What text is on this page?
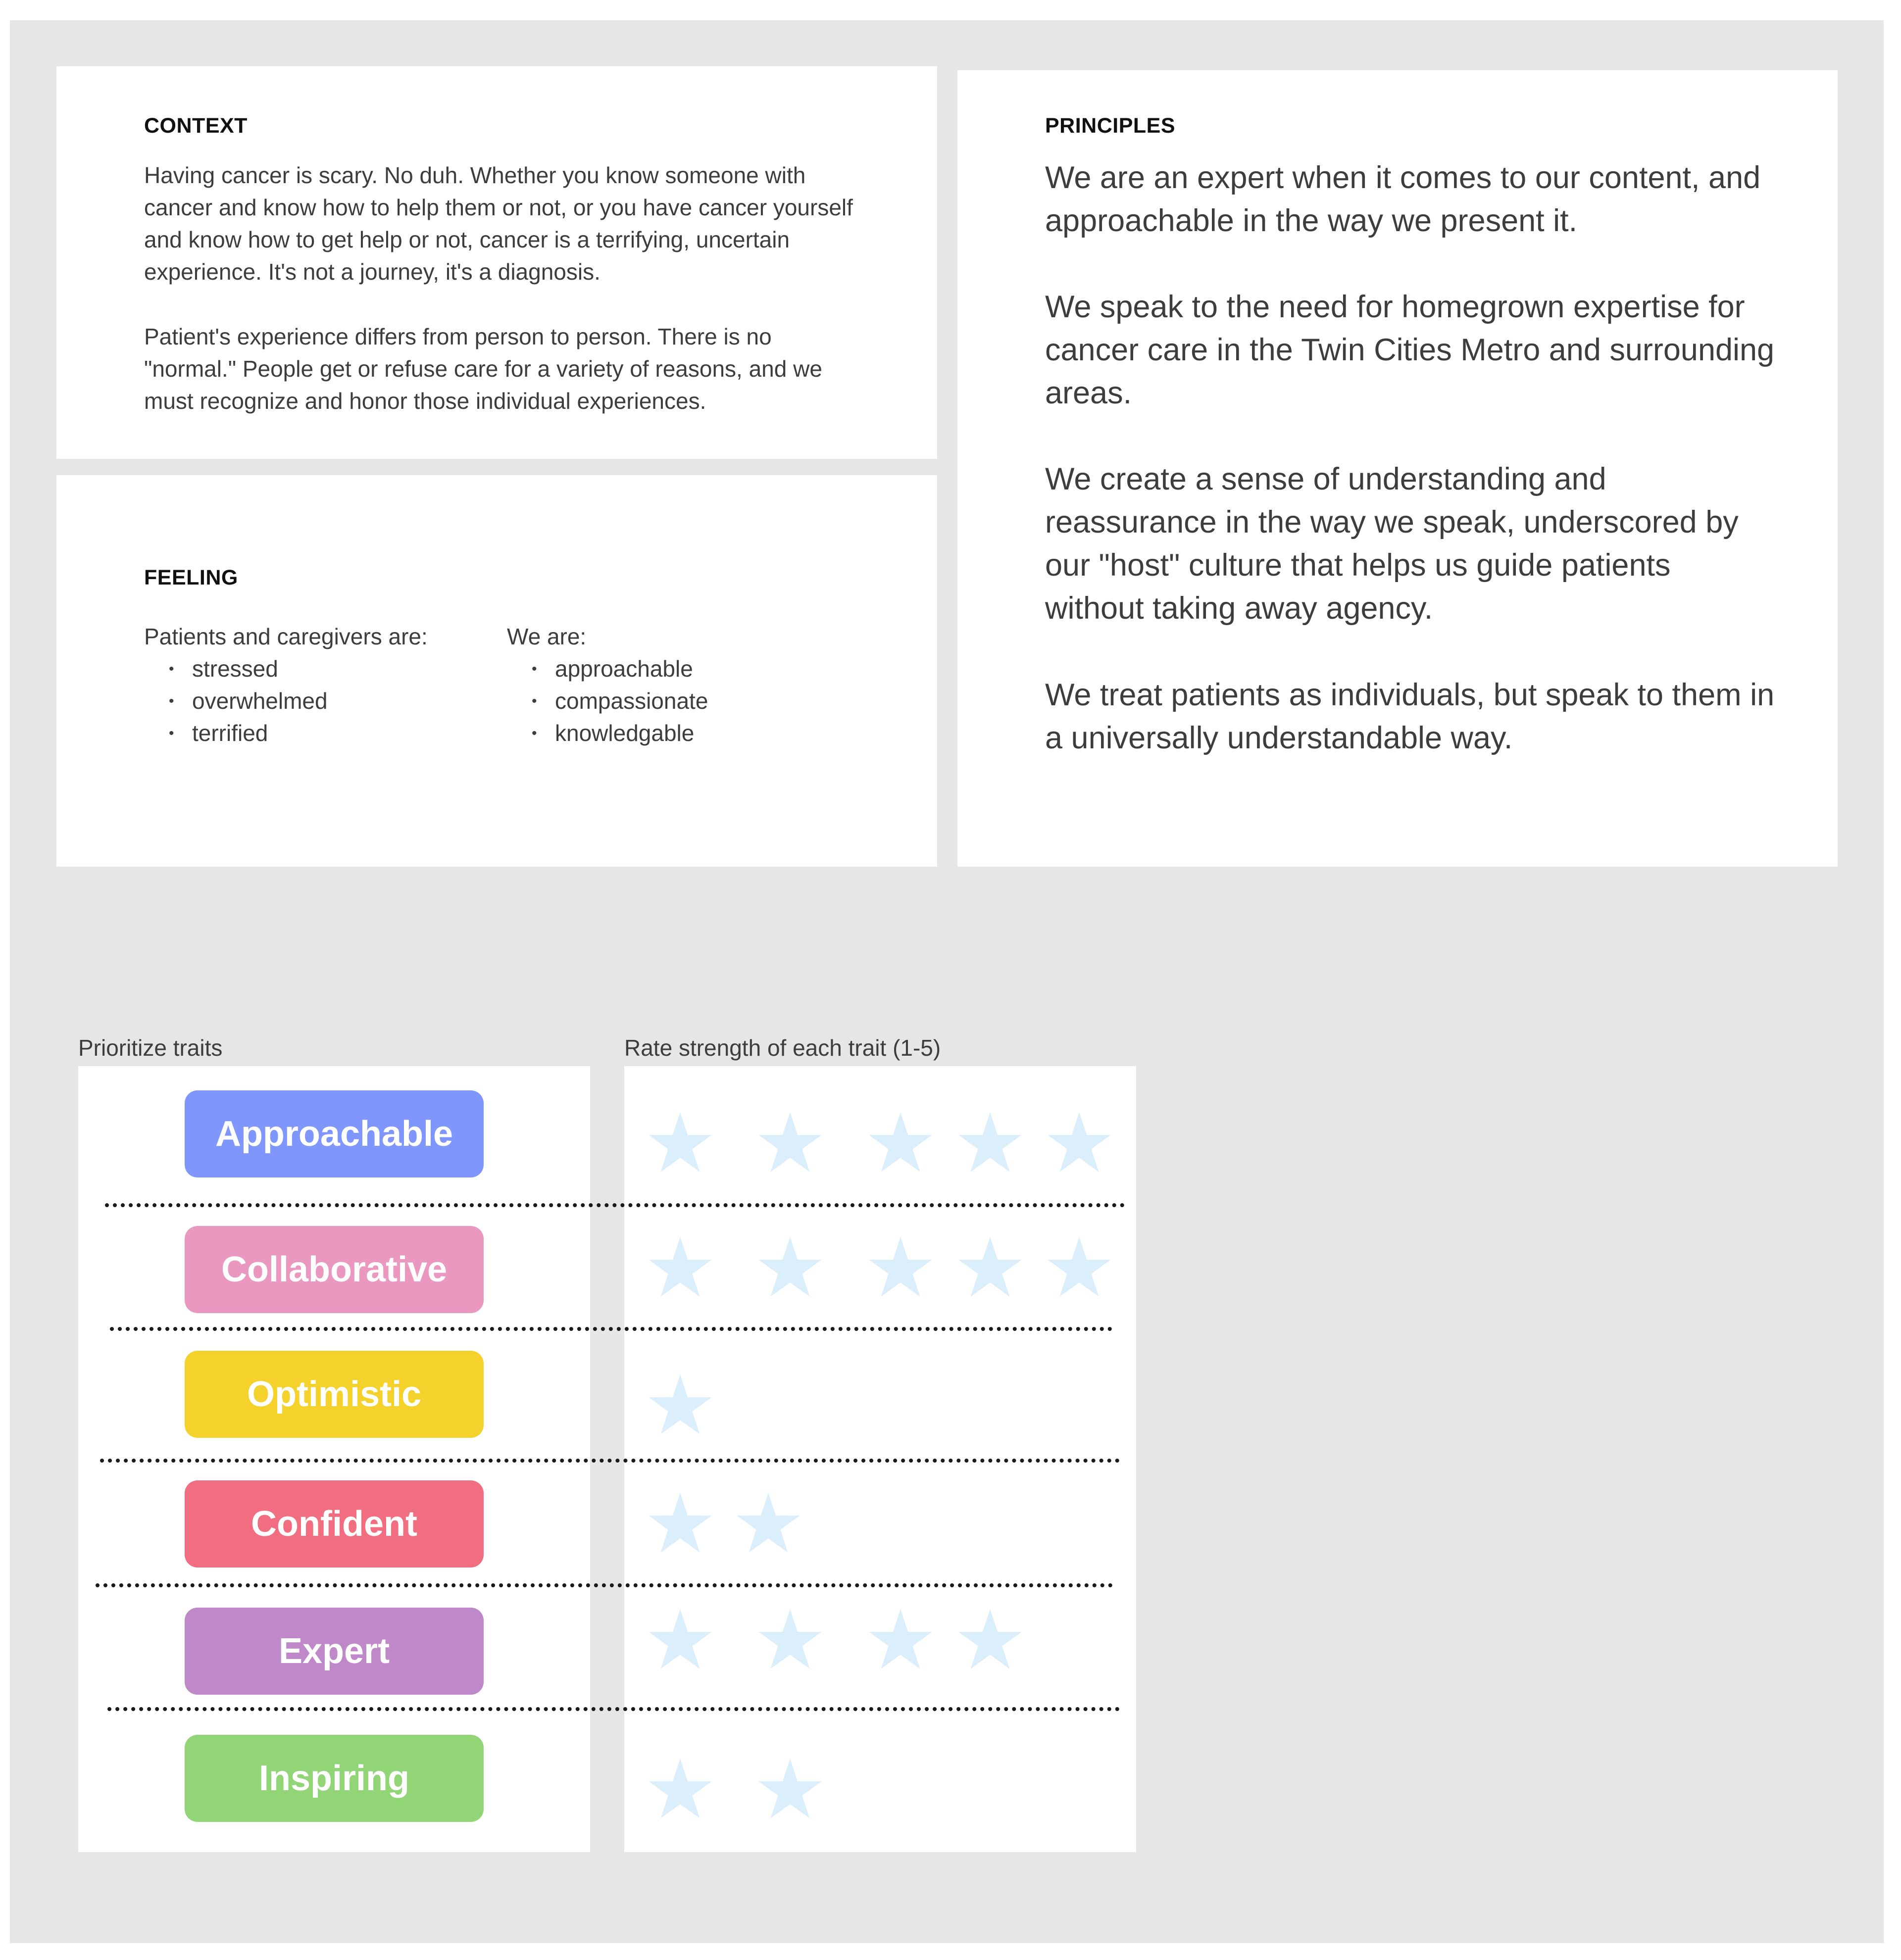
CONTEXT

Having cancer is scary. No duh. Whether you know someone with cancer and know how to help them or not, or you have cancer yourself and know how to get help or not, cancer is a terrifying, uncertain experience. It's not a journey, it's a diagnosis.

Patient's experience differs from person to person. There is no "normal." People get or refuse care for a variety of reasons, and we must recognize and honor those individual experiences.

FEELING
Patients and caregivers are:
• stressed
• overwhelmed
• terrified
We are:
• approachable
• compassionate
• knowledgable
PRINCIPLES

We are an expert when it comes to our content, and approachable in the way we present it.

We speak to the need for homegrown expertise for cancer care in the Twin Cities Metro and surrounding areas.

We create a sense of understanding and reassurance in the way we speak, underscored by our "host" culture that helps us guide patients without taking away agency.

We treat patients as individuals, but speak to them in a universally understandable way.

Prioritize traits	Rate strength of each trait (1-5)
Approachable
Collaborative
Optimistic
Confident
Expert
Inspiring
★ ★ ★ ★ ★
★ ★ ★ ★ ★
★
★ ★
★ ★ ★ ★
★ ★
